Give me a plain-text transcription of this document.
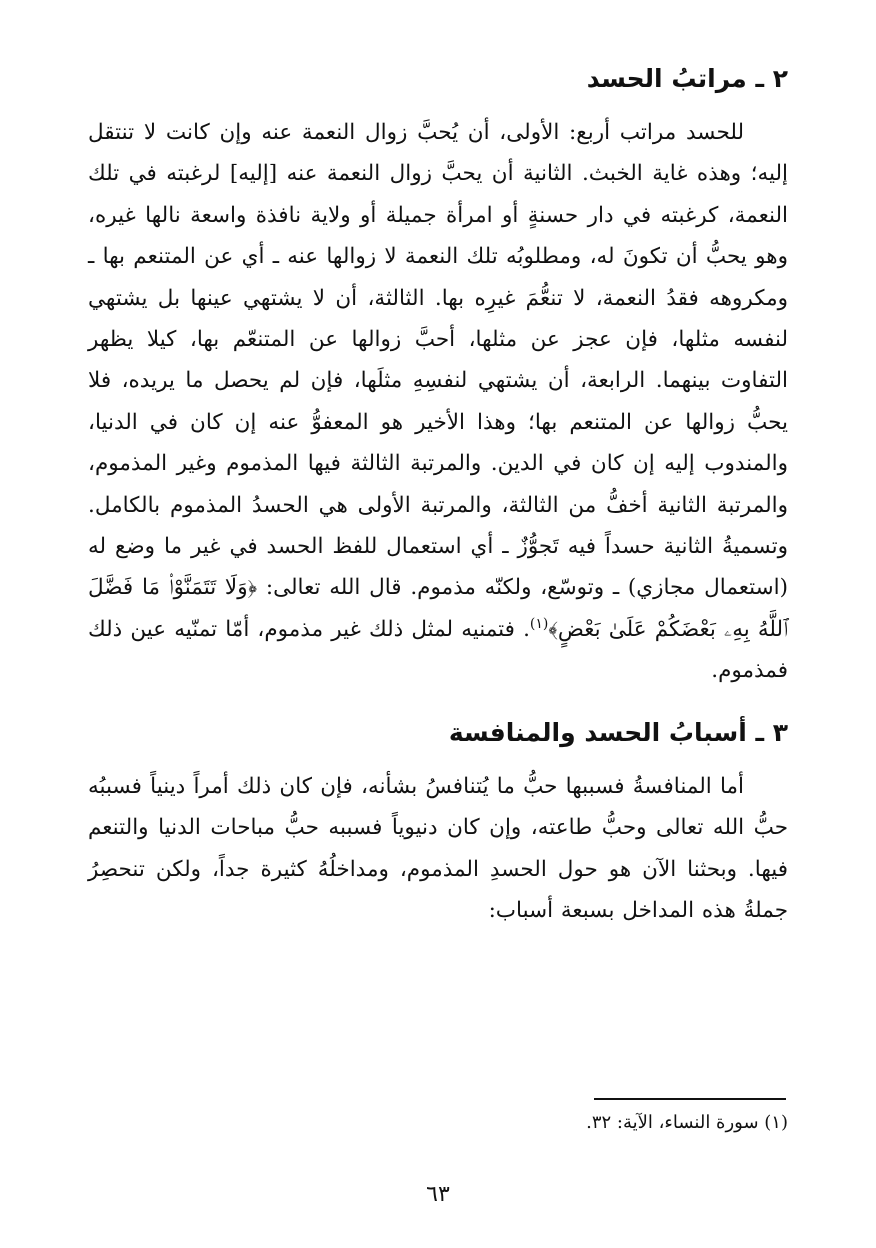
٢ ـ مراتبُ الحسد

للحسد مراتب أربع: الأولى، أن يُحبَّ زوال النعمة عنه وإن كانت لا تنتقل إليه؛ وهذه غاية الخبث. الثانية أن يحبَّ زوال النعمة عنه [إليه] لرغبته في تلك النعمة، كرغبته في دار حسنةٍ أو امرأة جميلة أو ولاية نافذة واسعة نالها غيره، وهو يحبُّ أن تكونَ له، ومطلوبُه تلك النعمة لا زوالها عنه ـ أي عن المتنعم بها ـ ومكروهه فقدُ النعمة، لا تنعُّمَ غيرِه بها. الثالثة، أن لا يشتهي عينها بل يشتهي لنفسه مثلها، فإن عجز عن مثلها، أحبَّ زوالها عن المتنعّم بها، كيلا يظهر التفاوت بينهما. الرابعة، أن يشتهي لنفسِهِ مثلَها، فإن لم يحصل ما يريده، فلا يحبُّ زوالها عن المتنعم بها؛ وهذا الأخير هو المعفوُّ عنه إن كان في الدنيا، والمندوب إليه إن كان في الدين. والمرتبة الثالثة فيها المذموم وغير المذموم، والمرتبة الثانية أخفُّ من الثالثة، والمرتبة الأولى هي الحسدُ المذموم بالكامل. وتسميةُ الثانية حسداً فيه تَجوُّزٌ ـ أي استعمال للفظ الحسد في غير ما وضع له (استعمال مجازي) ـ وتوسّع، ولكنّه مذموم. قال الله تعالى: ﴿وَلَا تَتَمَنَّوْا۟ مَا فَضَّلَ ٱللَّهُ بِهِۦ بَعْضَكُمْ عَلَىٰ بَعْضٍ﴾$^{(١)}$. فتمنيه لمثل ذلك غير مذموم، أمّا تمنّيه عين ذلك فمذموم.

٣ ـ أسبابُ الحسد والمنافسة

أما المنافسةُ فسببها حبُّ ما يُتنافسُ بشأنه، فإن كان ذلك أمراً دينياً فسببُه حبُّ الله تعالى وحبُّ طاعته، وإن كان دنيوياً فسببه حبُّ مباحات الدنيا والتنعم فيها. وبحثنا الآن هو حول الحسدِ المذموم، ومداخلُهُ كثيرة جداً، ولكن تنحصِرُ جملةُ هذه المداخل بسبعة أسباب:

(١) سورة النساء، الآية: ٣٢.
٦٣
